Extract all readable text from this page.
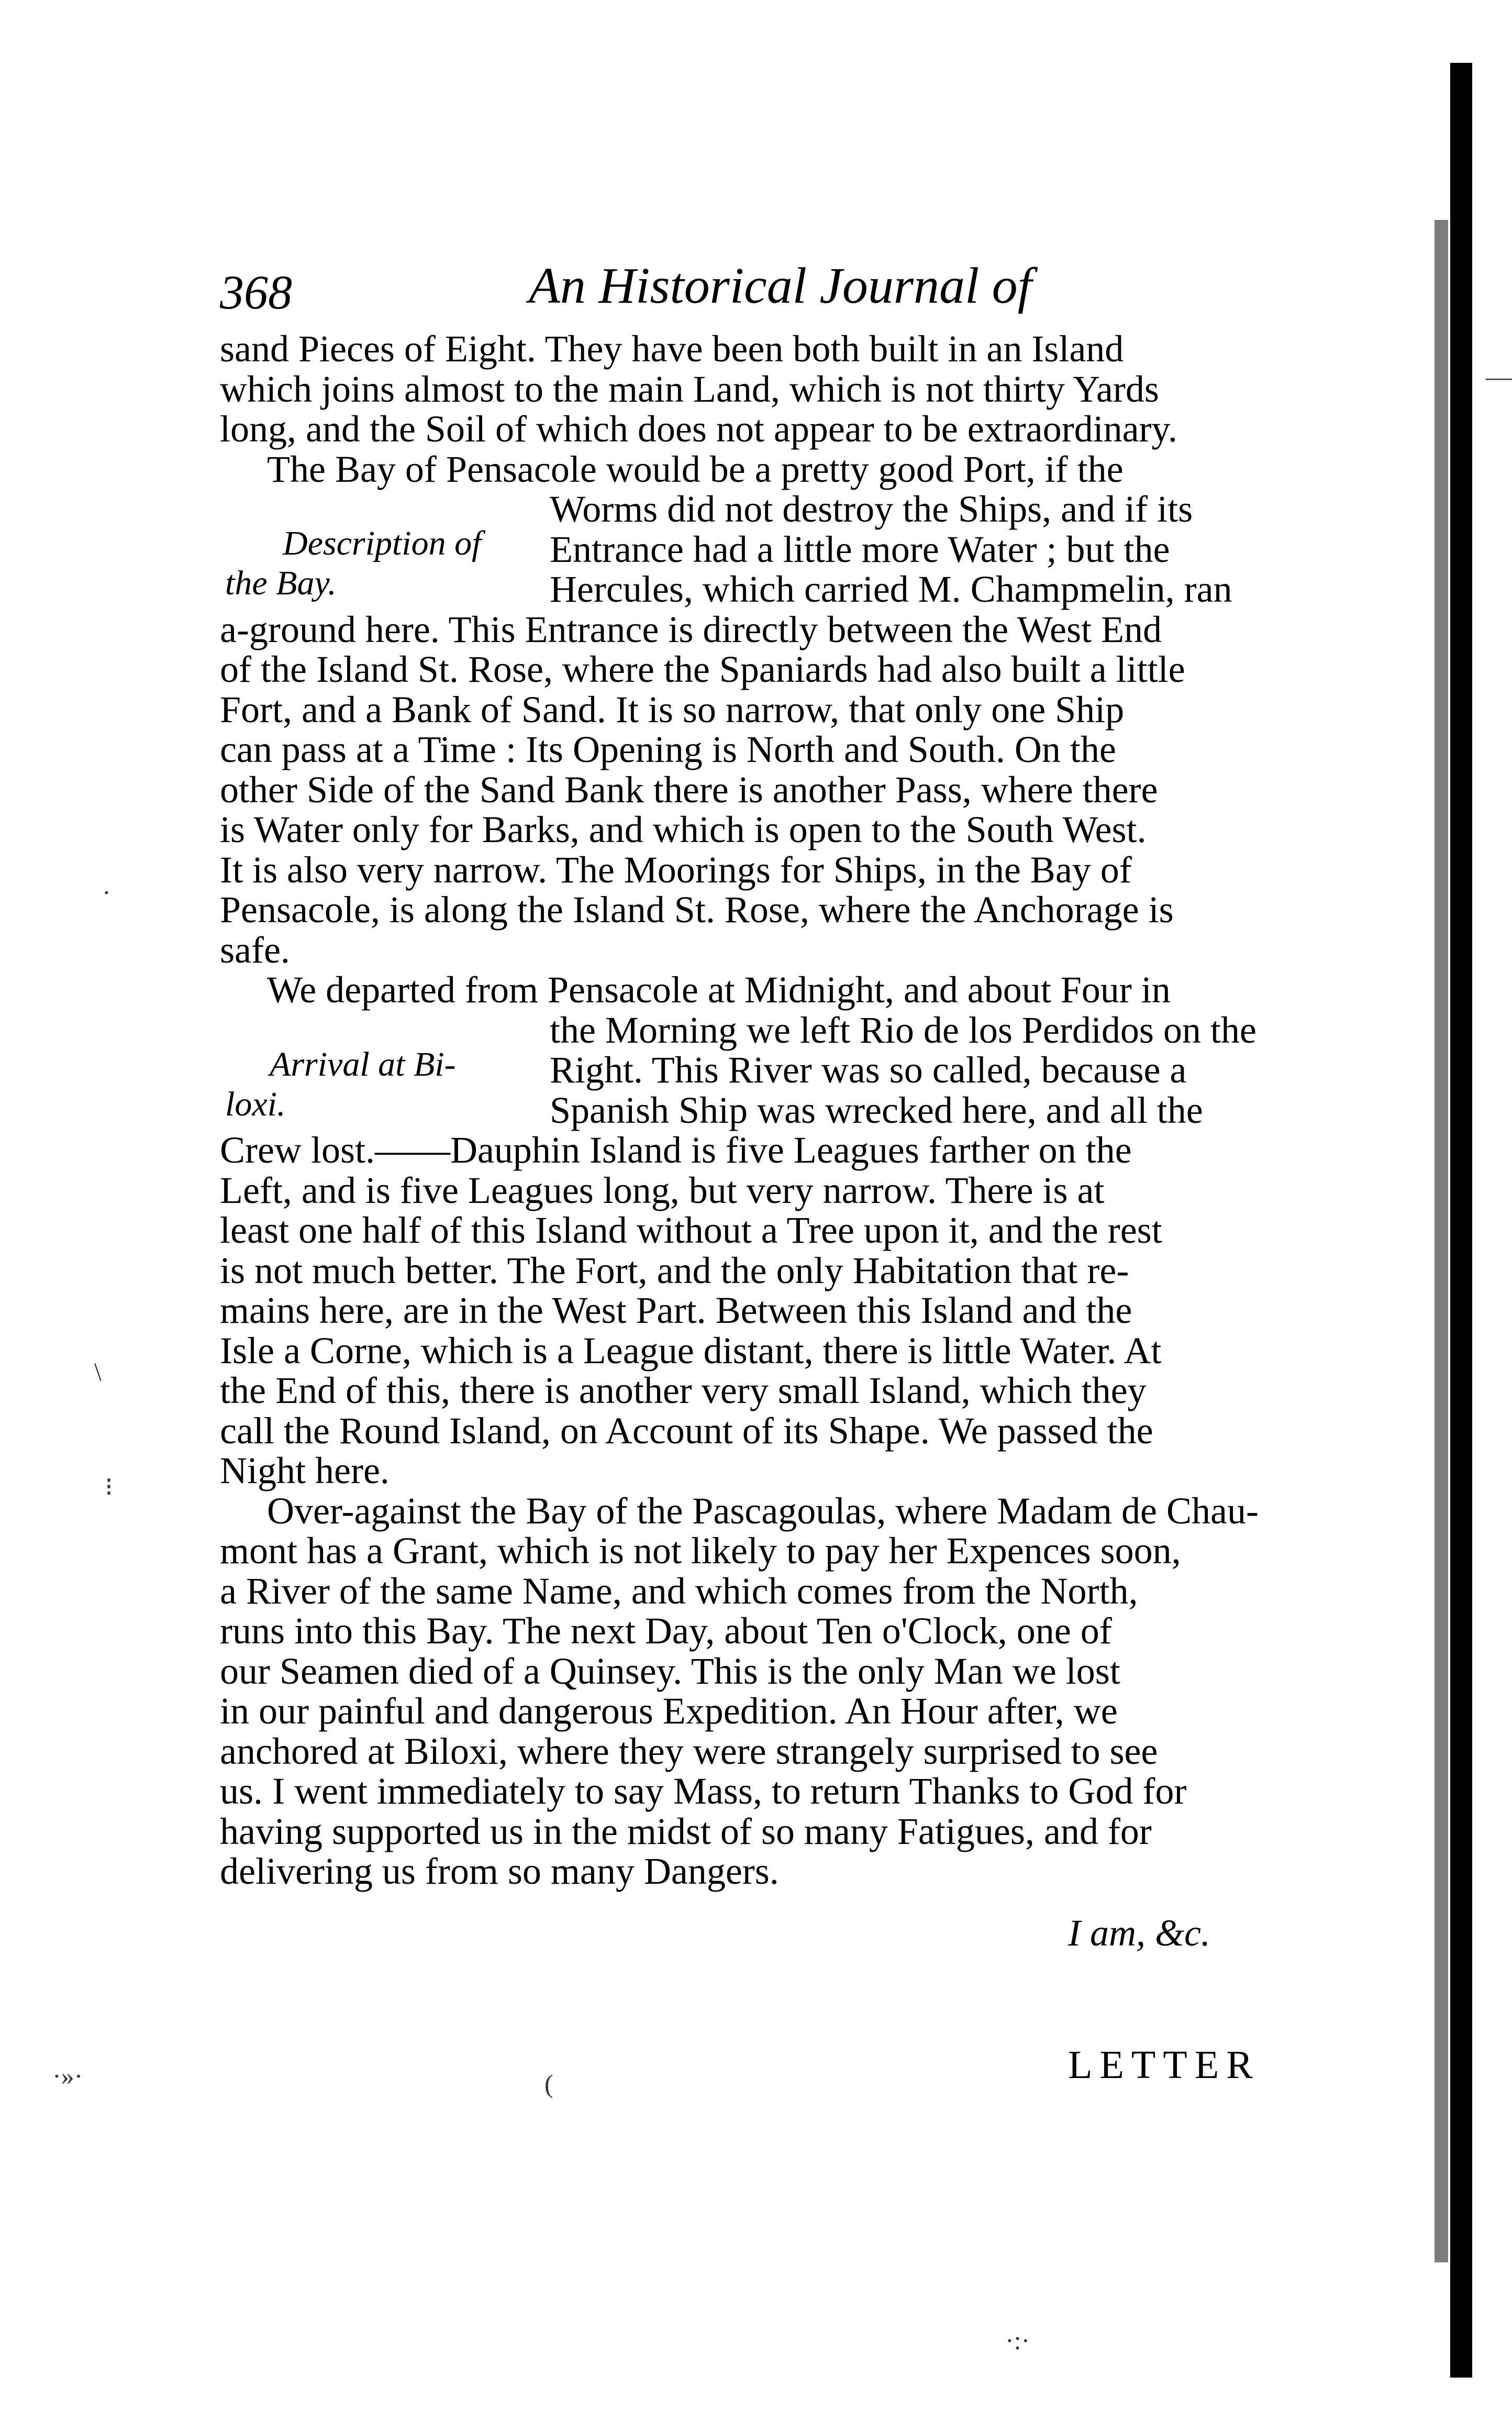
368	An Historical Journal of
Description of
the Bay.
Arrival at Bi-
loxi.
sand Pieces of Eight. They have been both built in an Island
which joins almost to the main Land, which is not thirty Yards
long, and the Soil of which does not appear to be extraordinary.
The Bay of Pensacole would be a pretty good Port, if the
Worms did not destroy the Ships, and if its
Entrance had a little more Water ; but the
Hercules, which carried M. Champmelin, ran
a-ground here. This Entrance is directly between the West End
of the Island St. Rose, where the Spaniards had also built a little
Fort, and a Bank of Sand. It is so narrow, that only one Ship
can pass at a Time : Its Opening is North and South. On the
other Side of the Sand Bank there is another Pass, where there
is Water only for Barks, and which is open to the South West.
It is also very narrow. The Moorings for Ships, in the Bay of
Pensacole, is along the Island St. Rose, where the Anchorage is
safe.
We departed from Pensacole at Midnight, and about Four in
the Morning we left Rio de los Perdidos on the
Right. This River was so called, because a
Spanish Ship was wrecked here, and all the
Crew lost.——Dauphin Island is five Leagues farther on the
Left, and is five Leagues long, but very narrow. There is at
least one half of this Island without a Tree upon it, and the rest
is not much better. The Fort, and the only Habitation that re-
mains here, are in the West Part. Between this Island and the
Isle a Corne, which is a League distant, there is little Water. At
the End of this, there is another very small Island, which they
call the Round Island, on Account of its Shape. We passed the
Night here.
Over-against the Bay of the Pascagoulas, where Madam de Chau-
mont has a Grant, which is not likely to pay her Expences soon,
a River of the same Name, and which comes from the North,
runs into this Bay. The next Day, about Ten o'Clock, one of
our Seamen died of a Quinsey. This is the only Man we lost
in our painful and dangerous Expedition. An Hour after, we
anchored at Biloxi, where they were strangely surprised to see
us. I went immediately to say Mass, to return Thanks to God for
having supported us in the midst of so many Fatigues, and for
delivering us from so many Dangers.
I am, &c.
LETTER
—
·
\
⁝
·»·	(
·:·
